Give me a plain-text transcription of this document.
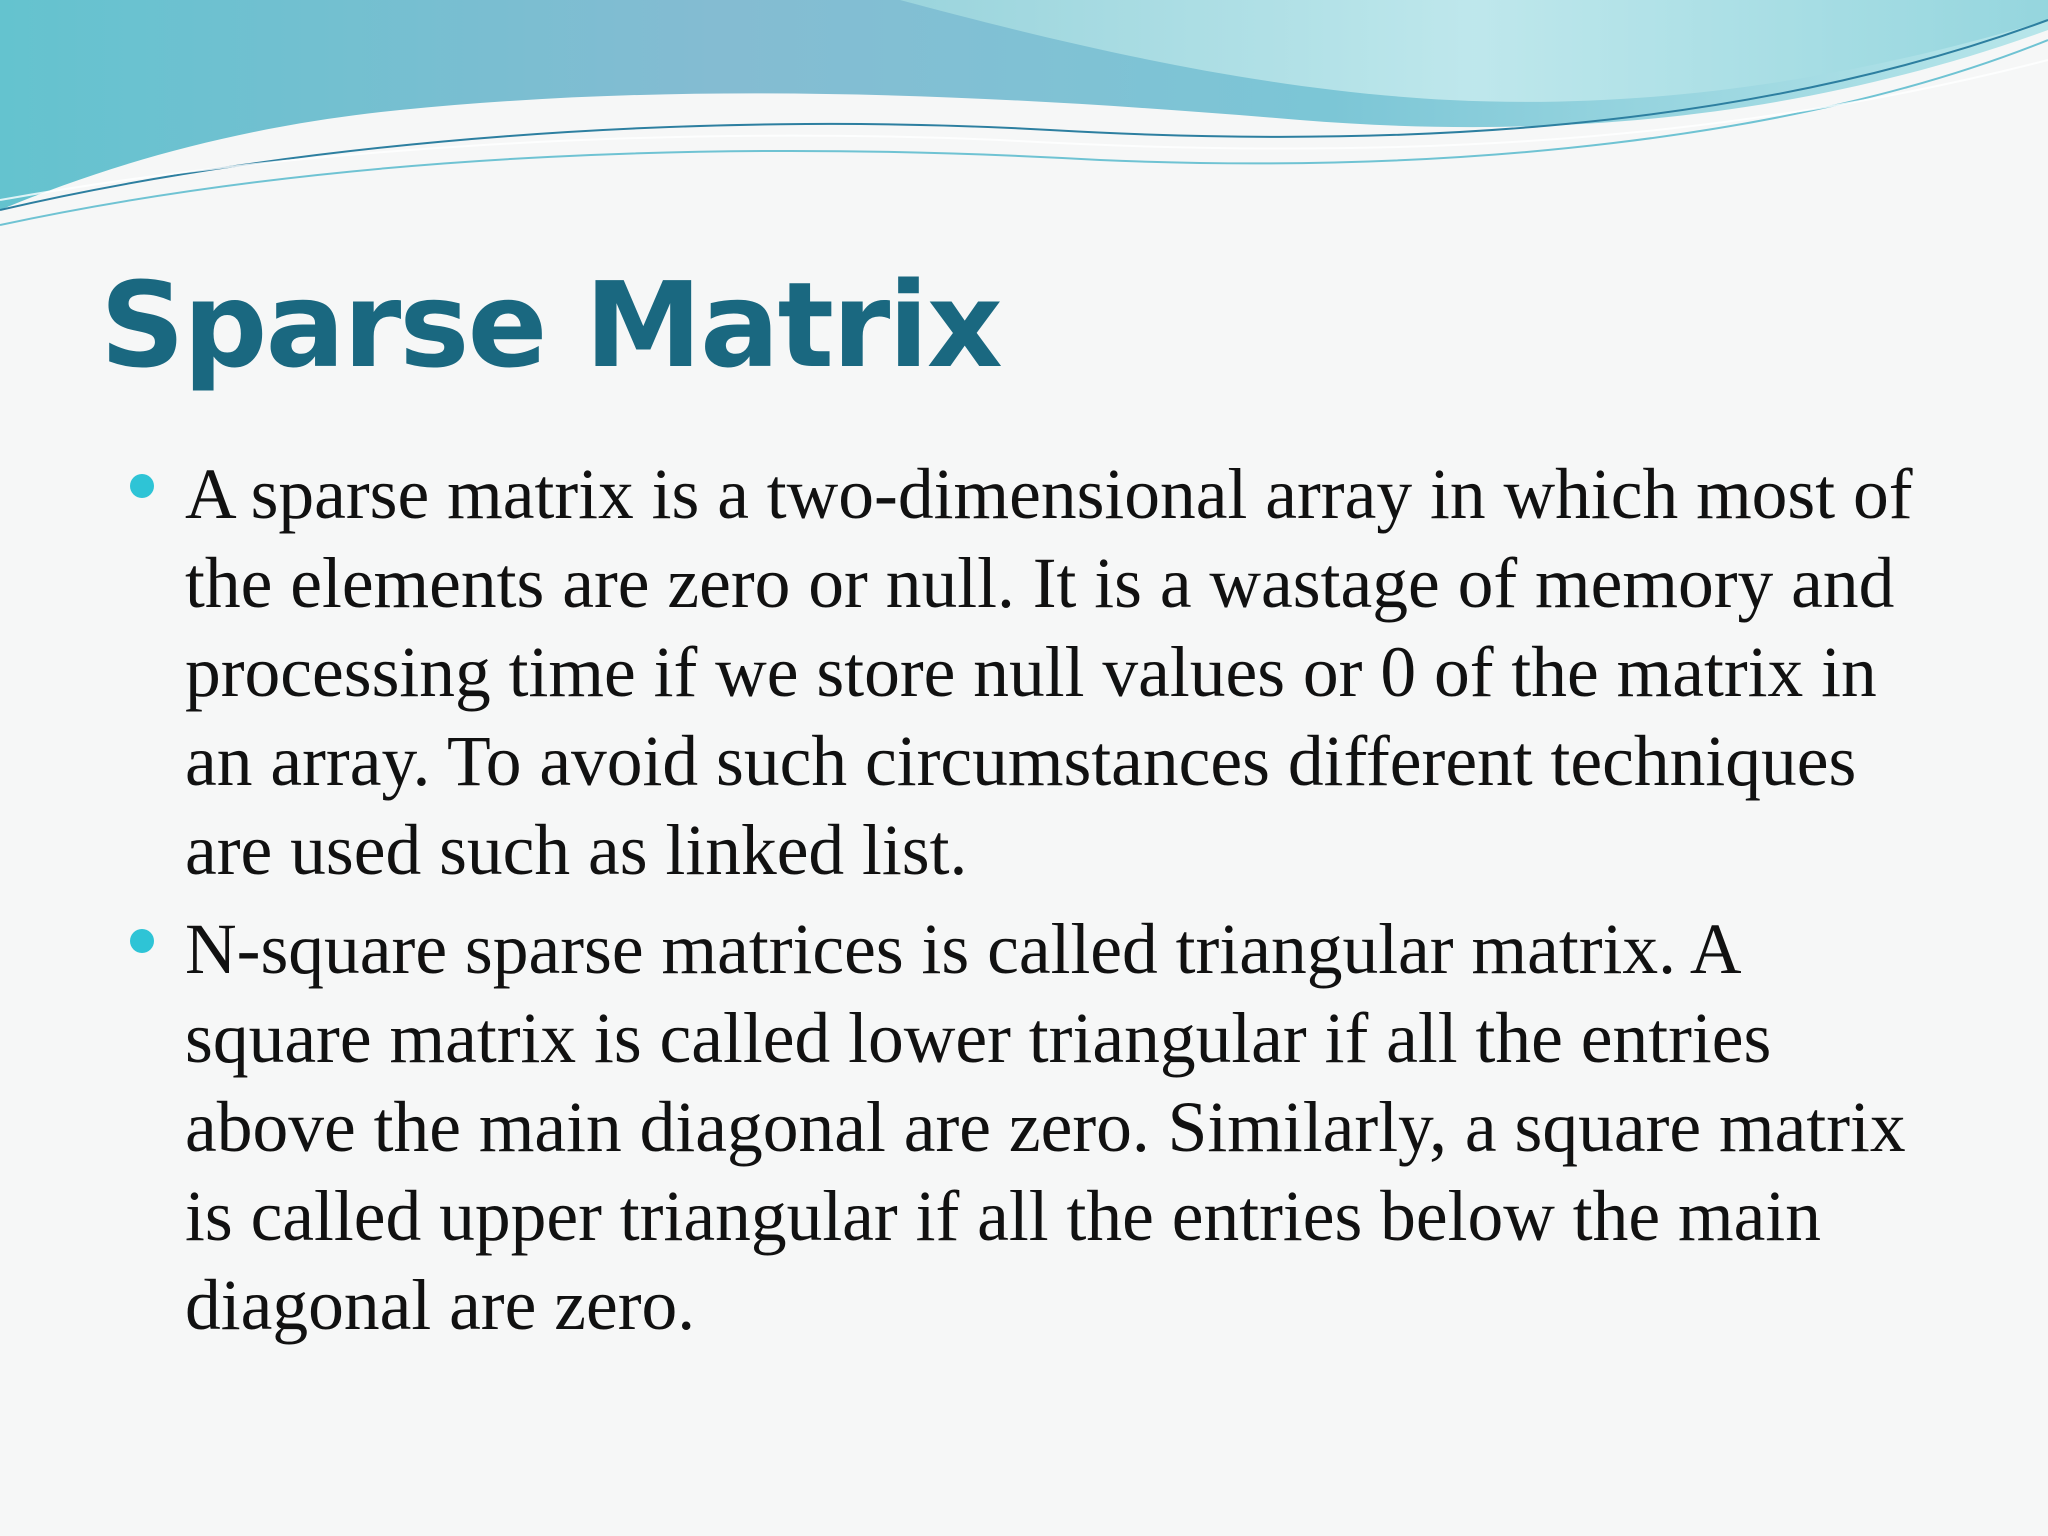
Sparse Matrix
A sparse matrix is a two-dimensional array in which most of the elements are zero or null. It is a wastage of memory and processing time if we store null values or 0 of the matrix in an array. To avoid such circumstances different techniques are used such as linked list.
N-square sparse matrices is called triangular matrix. A square matrix is called lower triangular if all the entries above the main diagonal are zero. Similarly, a square matrix is called upper triangular if all the entries below the main diagonal are zero.
